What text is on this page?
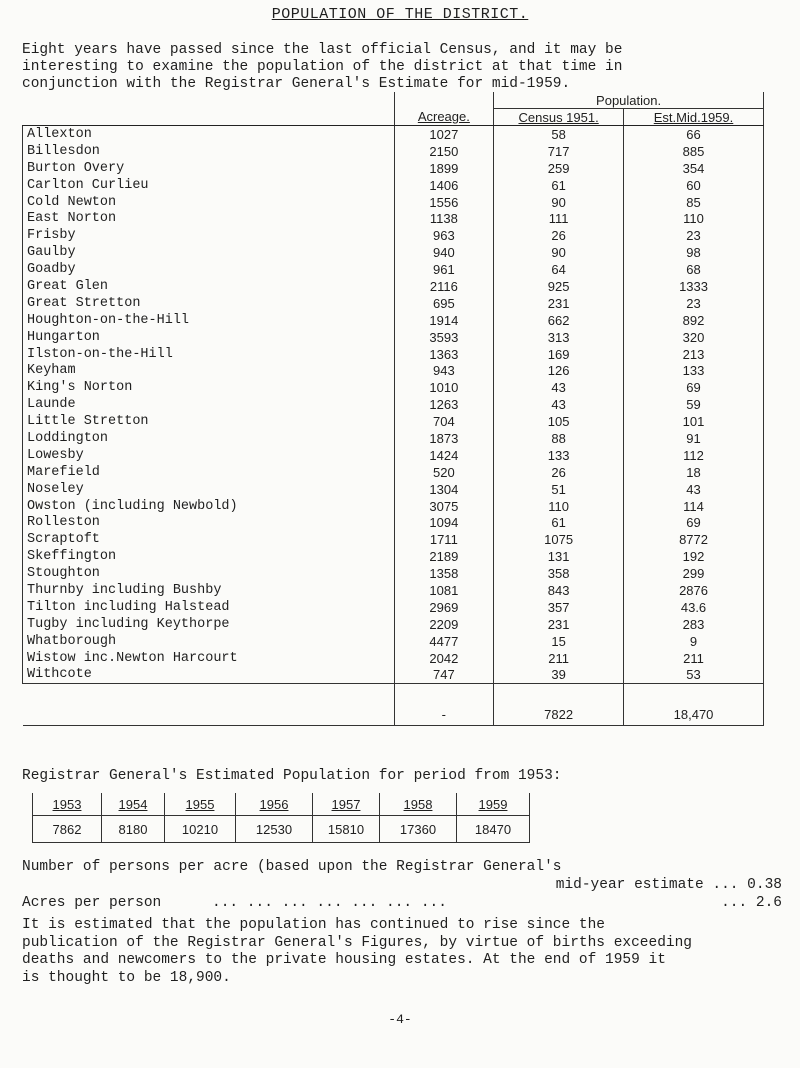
POPULATION OF THE DISTRICT.
Eight years have passed since the last official Census, and it may be
interesting to examine the population of the district at that time in
conjunction with the Registrar General's Estimate for mid-1959.
		Population.	
	Acreage.	Census 1951.	Est.Mid.1959.
Allexton	1027	58	66
Billesdon	2150	717	885
Burton Overy	1899	259	354
Carlton Curlieu	1406	61	60
Cold Newton	1556	90	85
East Norton	1138	111	110
Frisby	963	26	23
Gaulby	940	90	98
Goadby	961	64	68
Great Glen	2116	925	1333
Great Stretton	695	231	23
Houghton-on-the-Hill	1914	662	892
Hungarton	3593	313	320
Ilston-on-the-Hill	1363	169	213
Keyham	943	126	133
King's Norton	1010	43	69
Launde	1263	43	59
Little Stretton	704	105	101
Loddington	1873	88	91
Lowesby	1424	133	112
Marefield	520	26	18
Noseley	1304	51	43
Owston (including Newbold)	3075	110	114
Rolleston	1094	61	69
Scraptoft	1711	1075	8772
Skeffington	2189	131	192
Stoughton	1358	358	299
Thurnby including Bushby	1081	843	2876
Tilton including Halstead	2969	357	43.6
Tugby including Keythorpe	2209	231	283
Whatborough	4477	15	9
Wistow inc.Newton Harcourt	2042	211	211
Withcote	747	39	53
	-	7822	18,470
Registrar General's Estimated Population for period from 1953:
1953	1954	1955	1956	1957	1958	1959
7862	8180	10210	12530	15810	17360	18470
Number of persons per acre (based upon the Registrar General's
mid-year estimate ... 0.38
Acres per person	... ... ... ... ... ... ...	... 2.6
It is estimated that the population has continued to rise since the
publication of the Registrar General's Figures, by virtue of births exceeding
deaths and newcomers to the private housing estates. At the end of 1959 it
is thought to be 18,900.
-4-
